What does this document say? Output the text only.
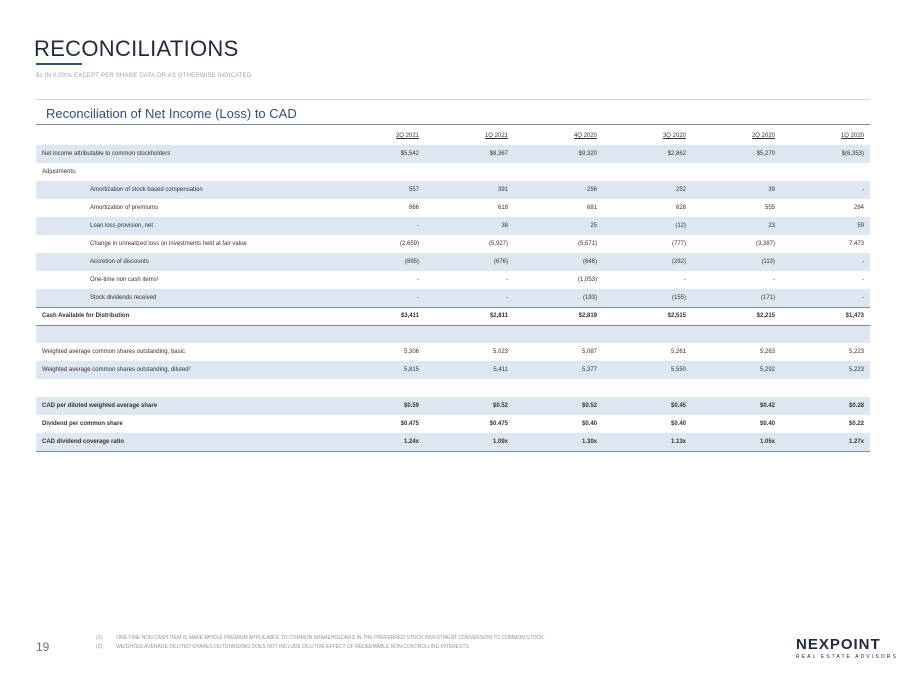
RECONCILIATIONS
$s IN 0,000s EXCEPT PER SHARE DATA OR AS OTHERWISE INDICATED
Reconciliation of Net Income (Loss) to CAD
	2Q 2021	1Q 2021	4Q 2020	3Q 2020	2Q 2020	1Q 2020
Net income attributable to common stockholders	$5,542	$8,367	$9,320	$2,862	$5,270	$(6,353)
Adjustments:						
Amortization of stock based compensation	557	391	256	252	39	-
Amortization of premiums	866	618	681	628	555	294
Loan loss provision, net	-	38	25	(12)	23	59
Change in unrealized loss on investments held at fair value	(2,659)	(5,927)	(5,571)	(777)	(3,387)	7,473
Accretion of discounts	(895)	(676)	(646)	(282)	(113)	-
One-time non cash items¹	-	-	(1,053)	-	-	-
Stock dividends received	-	-	(193)	(155)	(171)	-
Cash Available for Distribution	$3,411	$2,811	$2,819	$2,515	$2,215	$1,473

Weighted average common shares outstanding, basic	5,306	5,023	5,087	5,261	5,263	5,223
Weighted average common shares outstanding, diluted²	5,815	5,411	5,377	5,550	5,292	5,223

CAD per diluted weighted average share	$0.59	$0.52	$0.52	$0.45	$0.42	$0.28
Dividend per common share	$0.475	$0.475	$0.40	$0.40	$0.40	$0.22
CAD dividend coverage ratio	1.24x	1.09x	1.30x	1.13x	1.05x	1.27x
19
(1)	ONE TIME NON CASH ITEM IS MAKE WHOLE PREMIUM APPLICABLE TO COMMON SHAREHOLDERS IN THE PREFERRED STOCK INVESTMENT CONVERSION TO COMMON STOCK.
(2)	WEIGHTED AVERAGE DILUTED SHARES OUTSTANDING DOES NOT INCLUDE DILUTIVE EFFECT OF REDEEMABLE NON CONTROLLING INTERESTS	NEXPOINT
REAL ESTATE ADVISORS
